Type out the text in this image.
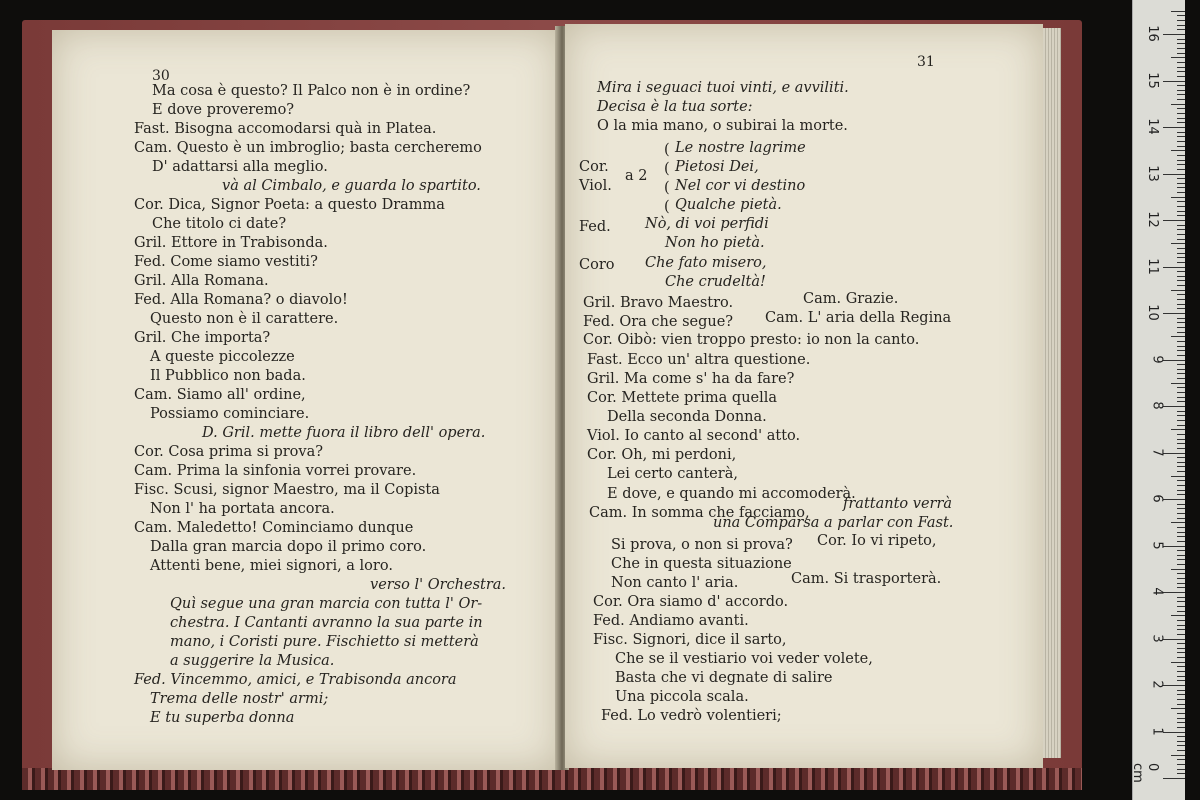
30
Ma cosa è questo? Il Palco non è in ordine?
E dove proveremo?
Fast. Bisogna accomodarsi quà in Platea.
Cam. Questo è un imbroglio; basta cercheremo
D' adattarsi alla meglio.
và al Cimbalo, e guarda lo spartito.
Cor. Dica, Signor Poeta: a questo Dramma
Che titolo ci date?
Gril. Ettore in Trabisonda.
Fed. Come siamo vestiti?
Gril. Alla Romana.
Fed. Alla Romana? o diavolo!
Questo non è il carattere.
Gril. Che importa?
A queste piccolezze
Il Pubblico non bada.
Cam. Siamo all' ordine,
Possiamo cominciare.
D. Gril. mette fuora il libro dell' opera.
Cor. Cosa prima si prova?
Cam. Prima la sinfonia vorrei provare.
Fisc. Scusi, signor Maestro, ma il Copista
Non l' ha portata ancora.
Cam. Maledetto! Cominciamo dunque
Dalla gran marcia dopo il primo coro.
Attenti bene, miei signori, a loro.
verso l' Orchestra.
Quì segue una gran marcia con tutta l' Or-
chestra. I Cantanti avranno la sua parte in
mano, i Coristi pure. Fischietto si metterà
a suggerire la Musica.
Fed. Vincemmo, amici, e Trabisonda ancora
Trema delle nostr' armi;
E tu superba donna
31
Mira i seguaci tuoi vinti, e avviliti.
Decisa è la tua sorte:
O la mia mano, o subirai la morte.
Le nostre lagrime
Cor.	Pietosi Dei,
a 2
Viol.	Nel cor vi destino
Qualche pietà.
Fed. Nò, di voi perfidi
Non ho pietà.
Coro Che fato misero,
Che crudeltà!
Gril. Bravo Maestro.	Cam. Grazie.
Fed. Ora che segue? Cam. L' aria della Regina
Cor. Oibò: vien troppo presto: io non la canto.
Fast. Ecco un' altra questione.
Gril. Ma come s' ha da fare?
Cor. Mettete prima quella
Della seconda Donna.
Viol. Io canto al second' atto.
Cor. Oh, mi perdoni,
Lei certo canterà,
E dove, e quando mi accomoderà.
Cam. In somma che facciamo,
frattanto verrà
una Comparsa a parlar con Fast.
Si prova, o non si prova? Cor. Io vi ripeto,
Che in questa situazione
Non canto l' aria.	Cam. Si trasporterà.
Cor. Ora siamo d' accordo.
Fed. Andiamo avanti.
Fisc. Signori, dice il sarto,
Che se il vestiario voi veder volete,
Basta che vi degnate di salire
Una piccola scala.
Fed. Lo vedrò volentieri;
(
(
(
(
1
2
3
4
5
6
7
8
9
10
11
12
13
14
15
16
0 cm
